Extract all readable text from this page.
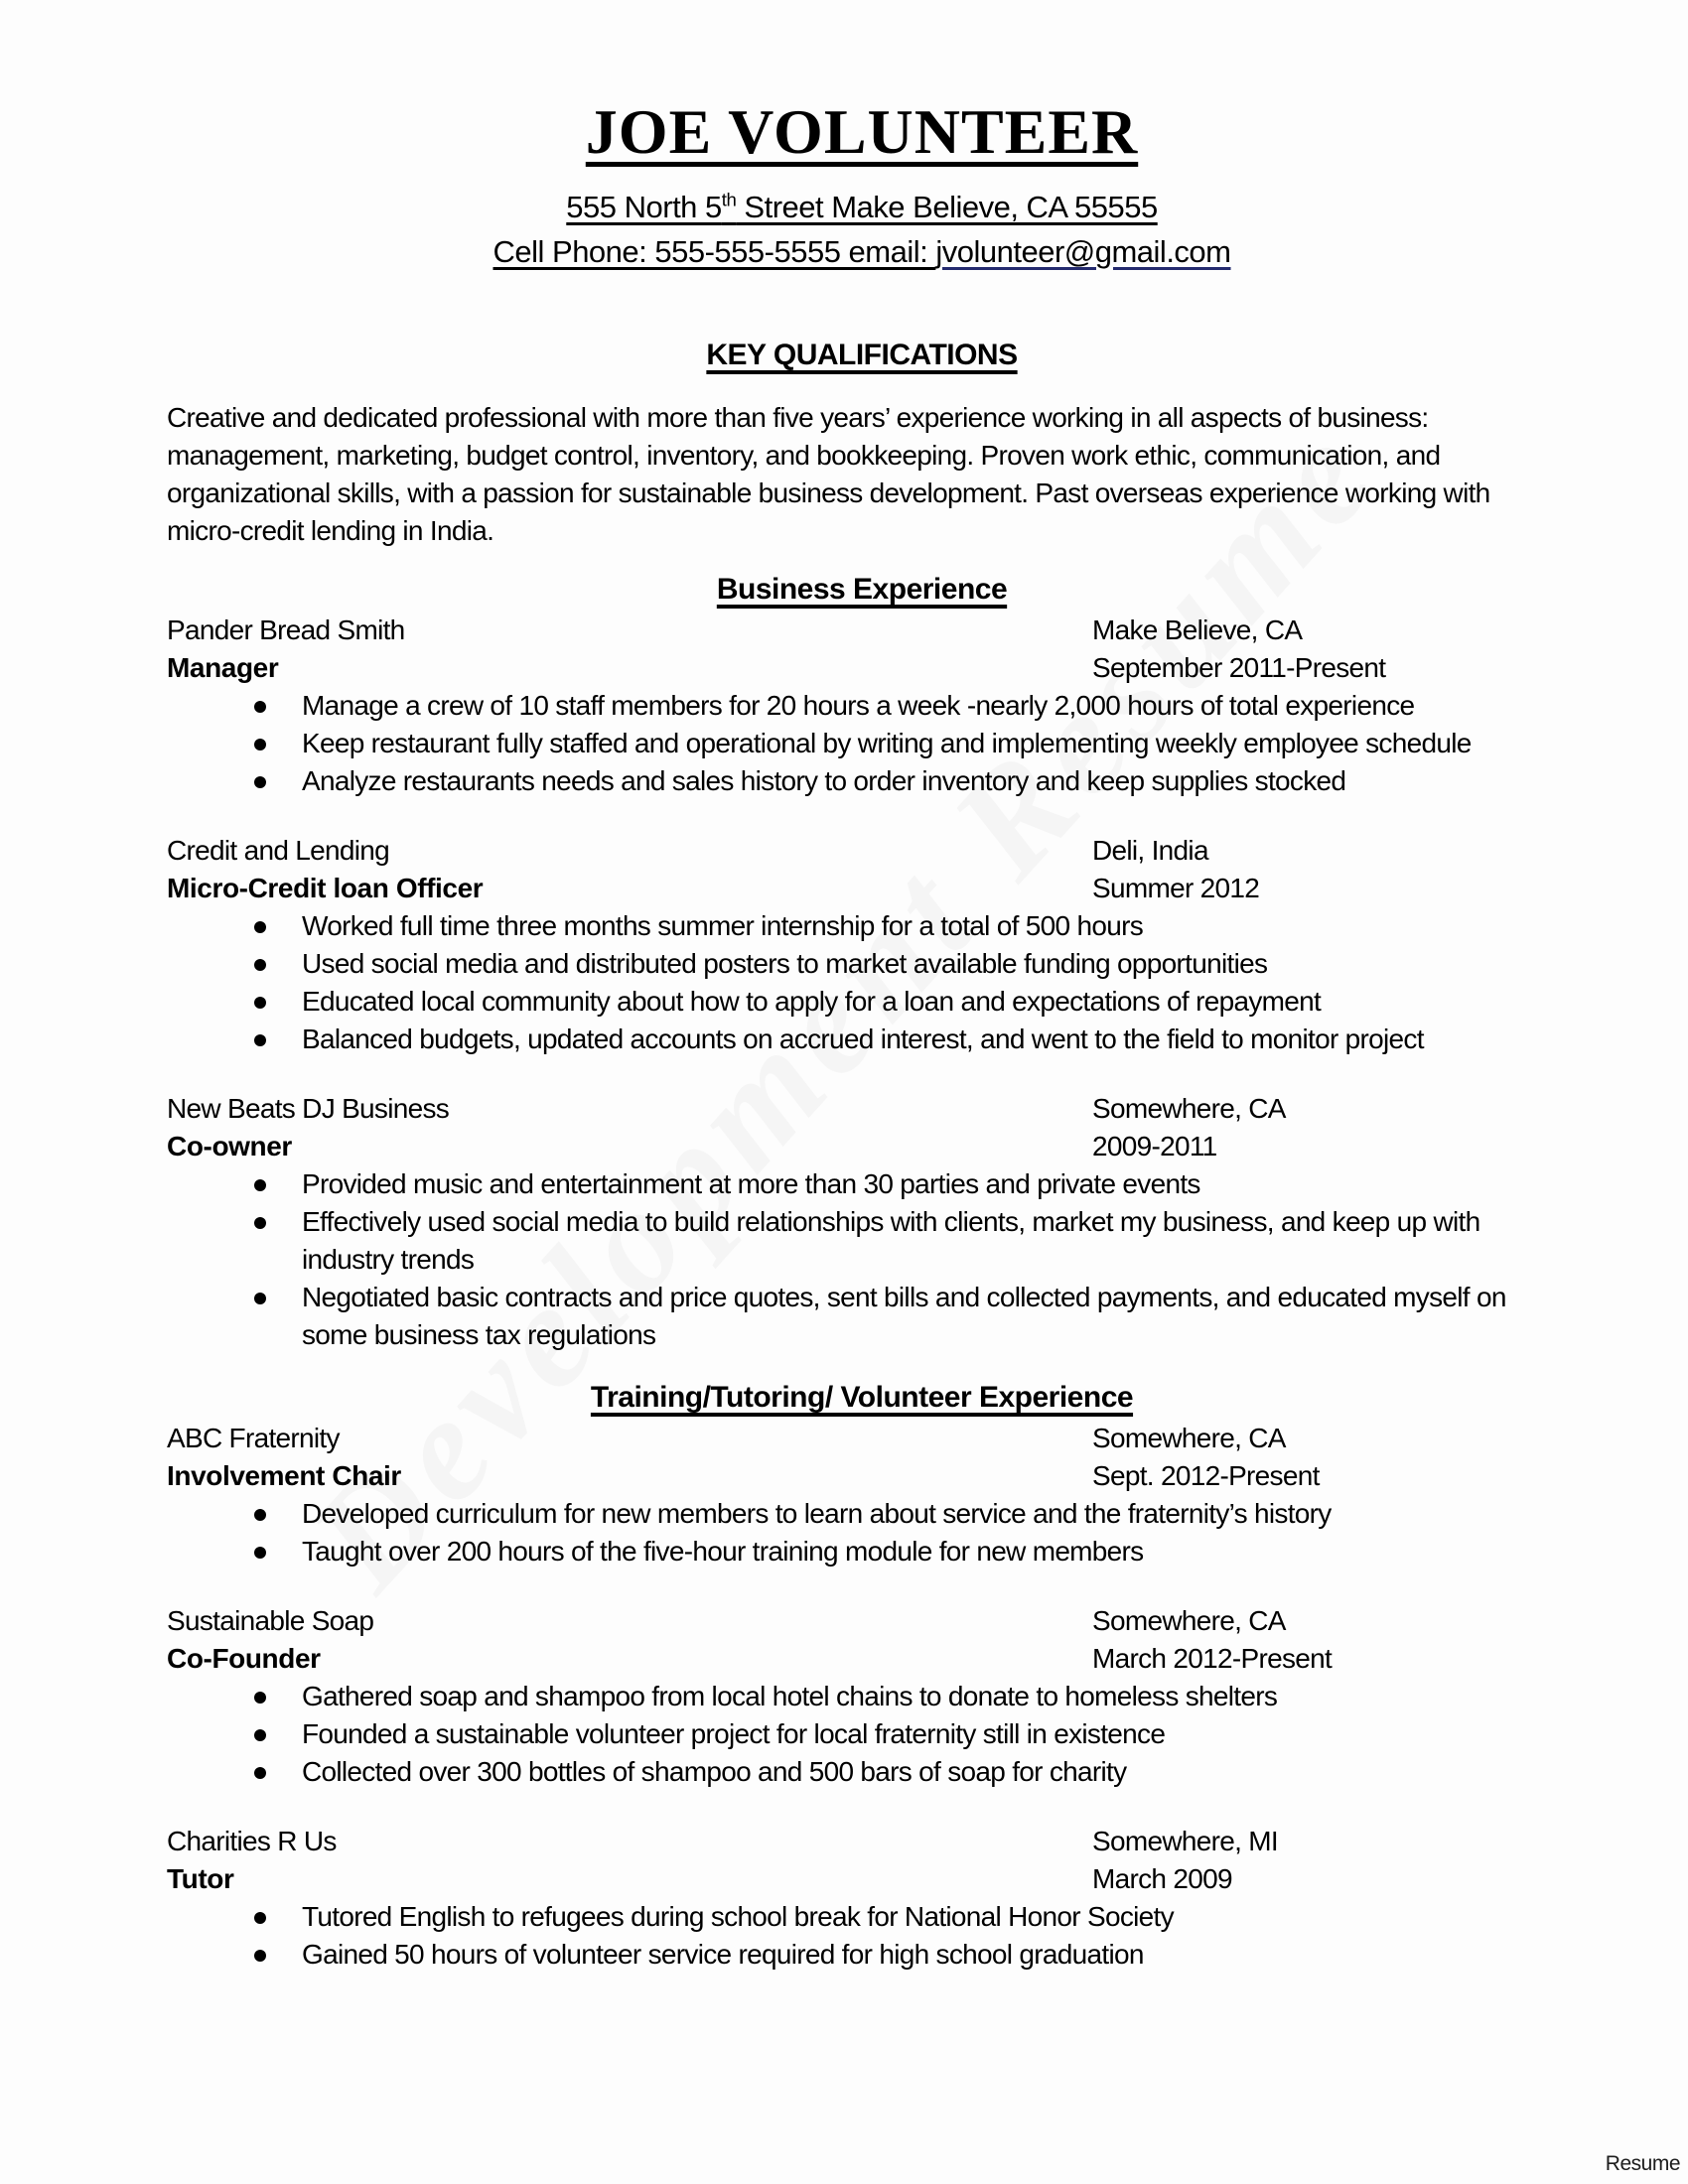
JOE VOLUNTEER
555 North 5th Street Make Believe, CA 55555
Cell Phone: 555-555-5555 email: jvolunteer@gmail.com
KEY QUALIFICATIONS

Creative and dedicated professional with more than five years’ experience working in all aspects of business: management, marketing, budget control, inventory, and bookkeeping. Proven work ethic, communication, and organizational skills, with a passion for sustainable business development. Past overseas experience working with micro-credit lending in India.

Business Experience
Pander Bread Smith	Make Believe, CA
Manager	September 2011-Present
Manage a crew of 10 staff members for 20 hours a week -nearly 2,000 hours of total experience
Keep restaurant fully staffed and operational by writing and implementing weekly employee schedule
Analyze restaurants needs and sales history to order inventory and keep supplies stocked
Credit and Lending	Deli, India
Micro-Credit loan Officer	Summer 2012
Worked full time three months summer internship for a total of 500 hours
Used social media and distributed posters to market available funding opportunities
Educated local community about how to apply for a loan and expectations of repayment
Balanced budgets, updated accounts on accrued interest, and went to the field to monitor project
New Beats DJ Business	Somewhere, CA
Co-owner	2009-2011
Provided music and entertainment at more than 30 parties and private events
Effectively used social media to build relationships with clients, market my business, and keep up with industry trends
Negotiated basic contracts and price quotes, sent bills and collected payments, and educated myself on some business tax regulations
Training/Tutoring/ Volunteer Experience
ABC Fraternity	Somewhere, CA
Involvement Chair	Sept. 2012-Present
Developed curriculum for new members to learn about service and the fraternity’s history
Taught over 200 hours of the five-hour training module for new members
Sustainable Soap	Somewhere, CA
Co-Founder	March 2012-Present
Gathered soap and shampoo from local hotel chains to donate to homeless shelters
Founded a sustainable volunteer project for local fraternity still in existence
Collected over 300 bottles of shampoo and 500 bars of soap for charity
Charities R Us	Somewhere, MI
Tutor	March 2009
Tutored English to refugees during school break for National Honor Society
Gained 50 hours of volunteer service required for high school graduation
Resume
